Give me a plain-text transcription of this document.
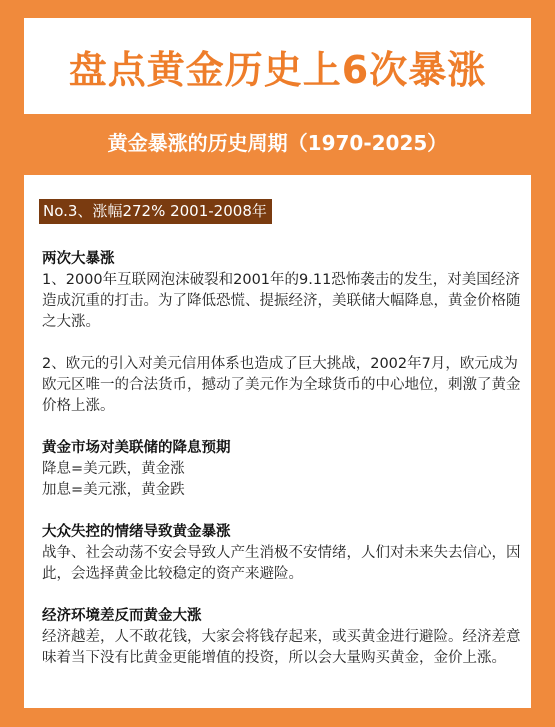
盘点黄金历史上6次暴涨
黄金暴涨的历史周期（1970-2025）
No.3、涨幅272% 2001-2008年
两次大暴涨

1、2000年互联网泡沫破裂和2001年的9.11恐怖袭击的发生，对美国经济造成沉重的打击。为了降低恐慌、提振经济，美联储大幅降息，黄金价格随之大涨。

2、欧元的引入对美元信用体系也造成了巨大挑战，2002年7月，欧元成为欧元区唯一的合法货币，撼动了美元作为全球货币的中心地位，刺激了黄金价格上涨。

黄金市场对美联储的降息预期

降息=美元跌，黄金涨

加息=美元涨，黄金跌

大众失控的情绪导致黄金暴涨

战争、社会动荡不安会导致人产生消极不安情绪，人们对未来失去信心，因此，会选择黄金比较稳定的资产来避险。

经济环境差反而黄金大涨

经济越差，人不敢花钱，大家会将钱存起来，或买黄金进行避险。经济差意味着当下没有比黄金更能增值的投资，所以会大量购买黄金，金价上涨。
